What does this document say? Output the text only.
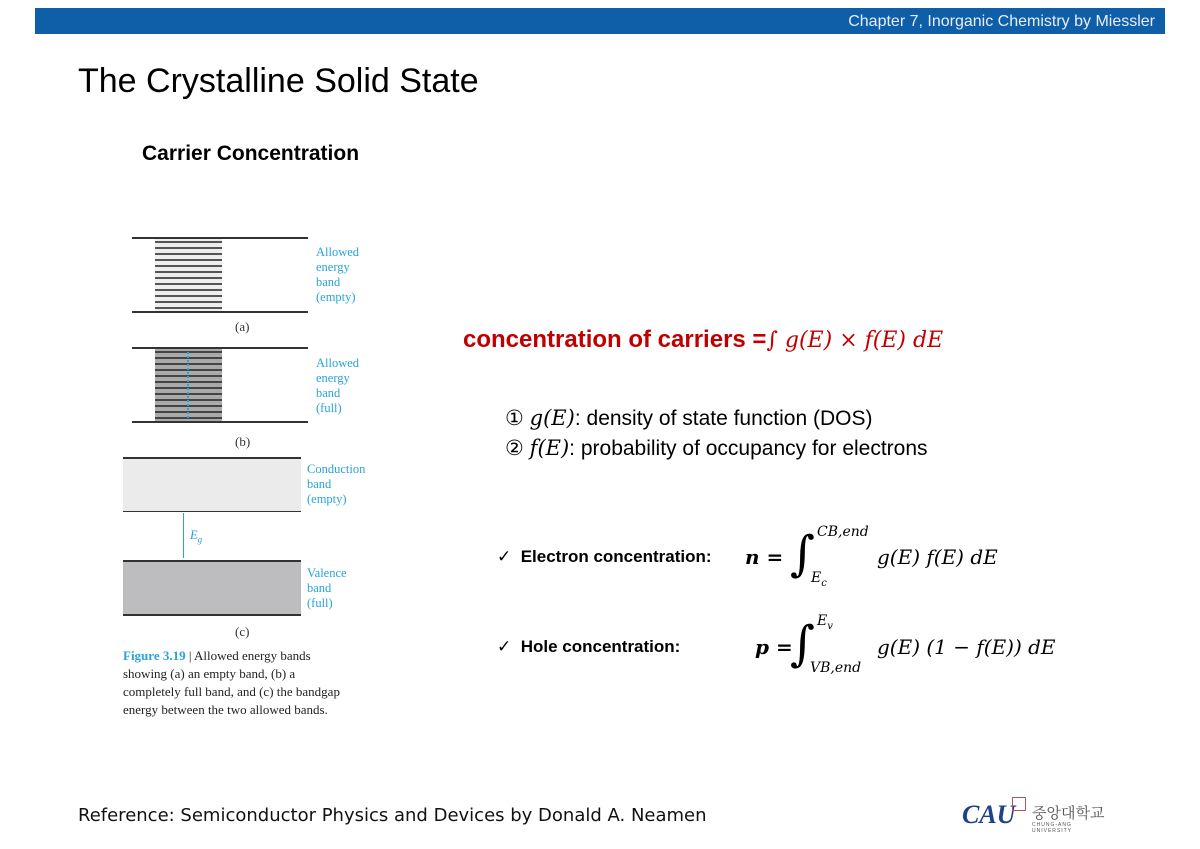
Chapter 7, Inorganic Chemistry by Miessler
The Crystalline Solid State
Carrier Concentration
Allowed
energy
band
(empty)
(a)
Allowed
energy
band
(full)
(b)
$E_g$
Conduction
band
(empty)
Valence
band
(full)
(c)
Figure 3.19 | Allowed energy bands showing (a) an empty band, (b) a completely full band, and (c) the bandgap energy between the two allowed bands.
concentration of carriers =∫ g(E) × f(E) dE
① g(E): density of state function (DOS)
② f(E): probability of occupancy for electrons
✓ Electron concentration: n = ∫ CB,end
$E_c$
g(E) f(E) dE
✓ Hole concentration:	p =
∫ $E_v$
VB,end
g(E) (1 − f(E)) dE
Reference: Semiconductor Physics and Devices by Donald A. Neamen	CAU 중앙대학교
CHUNG-ANG UNIVERSITY
